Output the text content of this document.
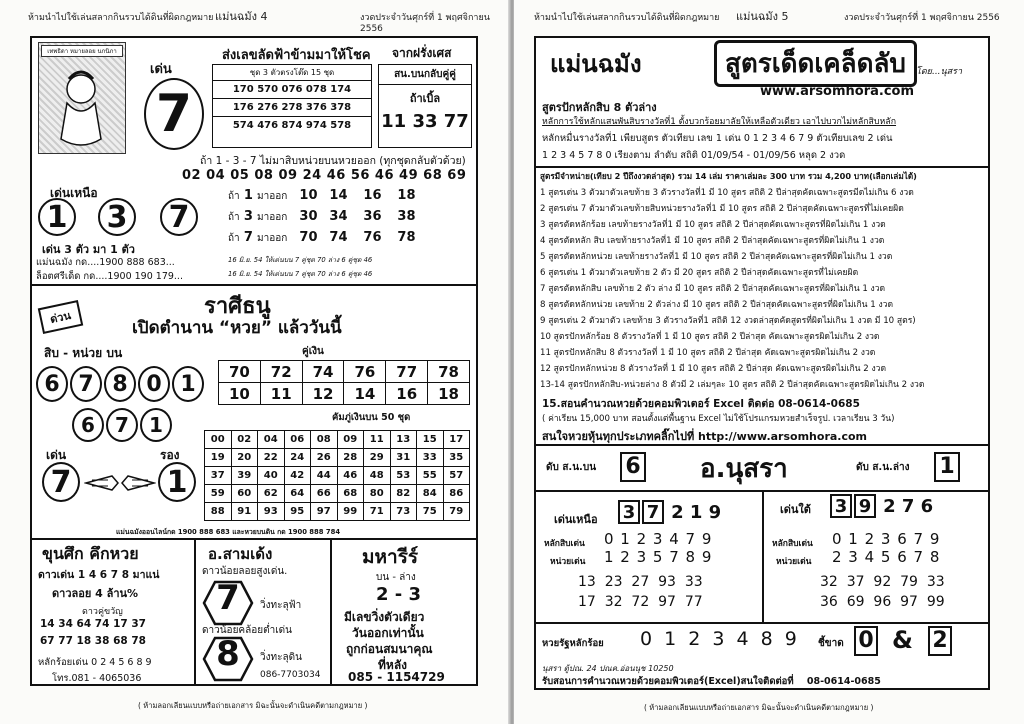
ห้ามนำไปใช้เล่นสลากกินรวบได้ดินที่ผิดกฎหมาย แม่นฉมัง 4	งวดประจำวันศุกร์ที่ 1 พฤศจิกายน 2556
เทพธิดา หมายลอย นกนิภา
เด่น
7
ส่งเลขลัดฟ้าข้ามมาให้โชค
ชุด 3 ตัวตรงโต๊ด 15 ชุด
170 570 076 078 174
176 276 278 376 378
574 476 874 974 578
จากฝรั่งเศส
สน.บนกลับคู่คู่
ถ้าเบิ้ล
11 33 77
ถ้า 1 - 3 - 7 ไม่มาสิบหน่วยบนหวยออก (ทุกชุดกลับตัวด้วย)
02 04 05 08 09 24 46 56 46 49 68 69
เด่นเหนือ
1 3 7
ถ้า 1 มาออก 10 14 16 18
ถ้า 3 มาออก 30 34 36 38
ถ้า 7 มาออก 70 74 76 78
เด่น 3 ตัว มา 1 ตัว
แม่นฉมัง กด....1900 888 683...
ล็อตศรีเด็ด กด....1900 190 179...
16 มิ.ย. 54 ให้เด่นบน 7 คู่ชุด 70 ล่าง 6 คู่ชุด 46
16 มิ.ย. 54 ให้เด่นบน 7 คู่ชุด 70 ล่าง 6 คู่ชุด 46
ด่วน	ราศีธนู
เปิดตำนาน “หวย” แล้ววันนี้
สิบ - หน่วย บน	คู่เงิน
6 7 8 0 1
6	7	1
70	72	74	76	77	78
10	11	12	14	16	18
คัมภู่เงินบน 50 ชุด
เด่น	รอง
7	1
00	02	04	06	08	09	11	13	15	17
19	20	22	24	26	28	29	31	33	35
37	39	40	42	44	46	48	53	55	57
59	60	62	64	66	68	80	82	84	86
88	91	93	95	97	99	71	73	75	79
แม่นฉมังออนไลน์กด 1900 888 683 และหวยบนดิน กด 1900 888 784
ขุนศึก คึกหวย
ดาวเด่น 1 4 6 7 8 มาแน่
ดาวลอย 4 ล้าน%
ดาวคู่ขวัญ
14 34 64 74 17 37
67 77 18 38 68 78
หลักร้อยเด่น 0 2 4 5 6 8 9
โทร.081 - 4065036
อ.สามเด้ง
ดาวน้อยลอยสูงเด่น.
7	วิ่งทะลุฟ้า
ดาวน้อยคล้อยต่ำเด่น
8	วิ่งทะลุดิน
086-7703034
มหารีร์
บน - ล่าง
2 - 3
มีเลขวิ่งตัวเดียว
วันออกเท่านั้น
ถูกก่อนสมนาคุณ
ที่หลัง
085 - 1154729
( ห้ามลอกเลียนแบบหรือถ่ายเอกสาร มิฉะนั้นจะดำเนินคดีตามกฎหมาย )
ห้ามนำไปใช้เล่นสลากกินรวบได้ดินที่ผิดกฎหมาย แม่นฉมัง 5	งวดประจำวันศุกร์ที่ 1 พฤศจิกายน 2556
แม่นฉมัง	สูตรเด็ดเคล็ดลับ	โดย...นุสรา
www.arsomhora.com
สูตรปักหลักสิบ 8 ตัวล่าง
หลักการใช้หลักแสนพันสิบรางวัลที่1 ตั้งบวกร้อยมาลัยให้เหลือตัวเดียว เอาไปบวกไม่หลักสิบหลัก
หลักหมื่นรางวัลที่1 เพียบสูตร ตัวเทียบ เลข 1 เด่น 0 1 2 3 4 6 7 9 ตัวเทียบเลข 2 เด่น
1 2 3 4 5 7 8 0 เรียงตาม ลำดับ สถิติ 01/09/54 - 01/09/56 หลุด 2 งวด
สูตรมีจำหน่าย(เทียบ 2 ปีถึงงวดล่าสุด) รวม 14 เล่ม ราคาเล่มละ 300 บาท รวม 4,200 บาท(เลือกเล่มได้)
1 สูตรเด่น 3 ตัวมาตัวเลขท้าย 3 ตัวรางวัลที่1 มี 10 สูตร สถิติ 2 ปีล่าสุดคัดเฉพาะสูตรมีดไม่เกิน 6 งวด
2 สูตรเด่น 7 ตัวมาตัวเลขท้ายสิบหน่วยรางวัลที่1 มี 10 สูตร สถิติ 2 ปีล่าสุดคัดเฉพาะสูตรที่ไม่เคยผิด
3 สูตรตัดหลักร้อย เลขท้ายรางวัลที่1 มี 10 สูตร สถิติ 2 ปีล่าสุดคัดเฉพาะสูตรที่ผิดไม่เกิน 1 งวด
4 สูตรตัดหลัก สิบ เลขท้ายรางวัลที่1 มี 10 สูตร สถิติ 2 ปีล่าสุดคัดเฉพาะสูตรที่ผิดไม่เกิน 1 งวด
5 สูตรตัดหลักหน่วย เลขท้ายรางวัลที่1 มี 10 สูตร สถิติ 2 ปีล่าสุดคัดเฉพาะสูตรที่ผิดไม่เกิน 1 งวด
6 สูตรเด่น 1 ตัวมาตัวเลขท้าย 2 ตัว มี 20 สูตร สถิติ 2 ปีล่าสุดคัดเฉพาะสูตรที่ไม่เคยผิด
7 สูตรตัดหลักสิบ เลขท้าย 2 ตัว ล่าง มี 10 สูตร สถิติ 2 ปีล่าสุดคัดเฉพาะสูตรที่ผิดไม่เกิน 1 งวด
8 สูตรตัดหลักหน่วย เลขท้าย 2 ตัวล่าง มี 10 สูตร สถิติ 2 ปีล่าสุดคัดเฉพาะสูตรที่ผิดไม่เกิน 1 งวด
9 สูตรเด่น 2 ตัวมาตัว เลขท้าย 3 ตัวรางวัลที่1 สถิติ 12 งวดล่าสุดคัดสูตรที่ผิดไม่เกิน 1 งวด มี 10 สูตร)
10 สูตรปักหลักร้อย 8 ตัวรางวัลที่ 1 มี 10 สูตร สถิติ 2 ปีล่าสุด คัดเฉพาะสูตรผิดไม่เกิน 2 งวด
11 สูตรปักหลักสิบ 8 ตัวรางวัลที่ 1 มี 10 สูตร สถิติ 2 ปีล่าสุด คัดเฉพาะสูตรผิดไม่เกิน 2 งวด
12 สูตรปักหลักหน่วย 8 ตัวรางวัลที่ 1 มี 10 สูตร สถิติ 2 ปีล่าสุด คัดเฉพาะสูตรผิดไม่เกิน 2 งวด
13-14 สูตรปักหลักสิบ-หน่วยล่าง 8 ตัวมี 2 เล่มๆละ 10 สูตร สถิติ 2 ปีล่าสุดคัดเฉพาะสูตรผิดไม่เกิน 2 งวด
15.สอนคำนวณหวยด้วยคอมพิวเตอร์ Excel ติดต่อ 08-0614-0685
( ค่าเรียน 15,000 บาท สอนตั้งแต่พื้นฐาน Excel ไม่ใช้โปรแกรมหวยสำเร็จรูป. เวลาเรียน 3 วัน)
สนใจหวยหุ้นทุกประเภทคลิ๊กไปที่ http://www.arsomhora.com
ดับ ส.น.บน 6 อ.นุสรา	ดับ ส.น.ล่าง 1
เด่นเหนือ 3 7 2 1 9
หลักสิบเด่น 0 1 2 3 4 7 9
หน่วยเด่น 1 2 3 5 7 8 9
13  23  27  93  33
17  32  72  97  77
เด่นใต้ 3 9 2 7 6
หลักสิบเด่น 0 1 2 3 6 7 9
หน่วยเด่น 2 3 4 5 6 7 8
32  37  92  79  33
36  69  96  97  99
หวยรัฐหลักร้อย 0 1 2 3 4 8 9 ชี้ขาด 0 & 2
นุสรา ตู้ปณ. 24 ปณค.อ่อนนุช 10250
รับสอนการคำนวณหวยด้วยคอมพิวเตอร์(Excel)สนใจติดต่อที่    08-0614-0685
( ห้ามลอกเลียนแบบหรือถ่ายเอกสาร มิฉะนั้นจะดำเนินคดีตามกฎหมาย )
